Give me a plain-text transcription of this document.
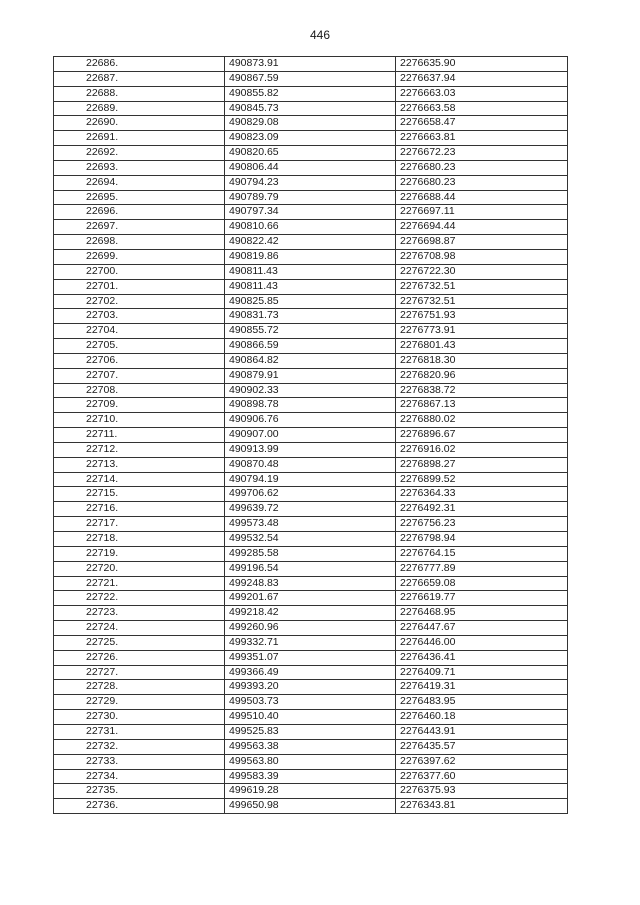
446
22686.	490873.91	2276635.90
22687.	490867.59	2276637.94
22688.	490855.82	2276663.03
22689.	490845.73	2276663.58
22690.	490829.08	2276658.47
22691.	490823.09	2276663.81
22692.	490820.65	2276672.23
22693.	490806.44	2276680.23
22694.	490794.23	2276680.23
22695.	490789.79	2276688.44
22696.	490797.34	2276697.11
22697.	490810.66	2276694.44
22698.	490822.42	2276698.87
22699.	490819.86	2276708.98
22700.	490811.43	2276722.30
22701.	490811.43	2276732.51
22702.	490825.85	2276732.51
22703.	490831.73	2276751.93
22704.	490855.72	2276773.91
22705.	490866.59	2276801.43
22706.	490864.82	2276818.30
22707.	490879.91	2276820.96
22708.	490902.33	2276838.72
22709.	490898.78	2276867.13
22710.	490906.76	2276880.02
22711.	490907.00	2276896.67
22712.	490913.99	2276916.02
22713.	490870.48	2276898.27
22714.	490794.19	2276899.52
22715.	499706.62	2276364.33
22716.	499639.72	2276492.31
22717.	499573.48	2276756.23
22718.	499532.54	2276798.94
22719.	499285.58	2276764.15
22720.	499196.54	2276777.89
22721.	499248.83	2276659.08
22722.	499201.67	2276619.77
22723.	499218.42	2276468.95
22724.	499260.96	2276447.67
22725.	499332.71	2276446.00
22726.	499351.07	2276436.41
22727.	499366.49	2276409.71
22728.	499393.20	2276419.31
22729.	499503.73	2276483.95
22730.	499510.40	2276460.18
22731.	499525.83	2276443.91
22732.	499563.38	2276435.57
22733.	499563.80	2276397.62
22734.	499583.39	2276377.60
22735.	499619.28	2276375.93
22736.	499650.98	2276343.81
